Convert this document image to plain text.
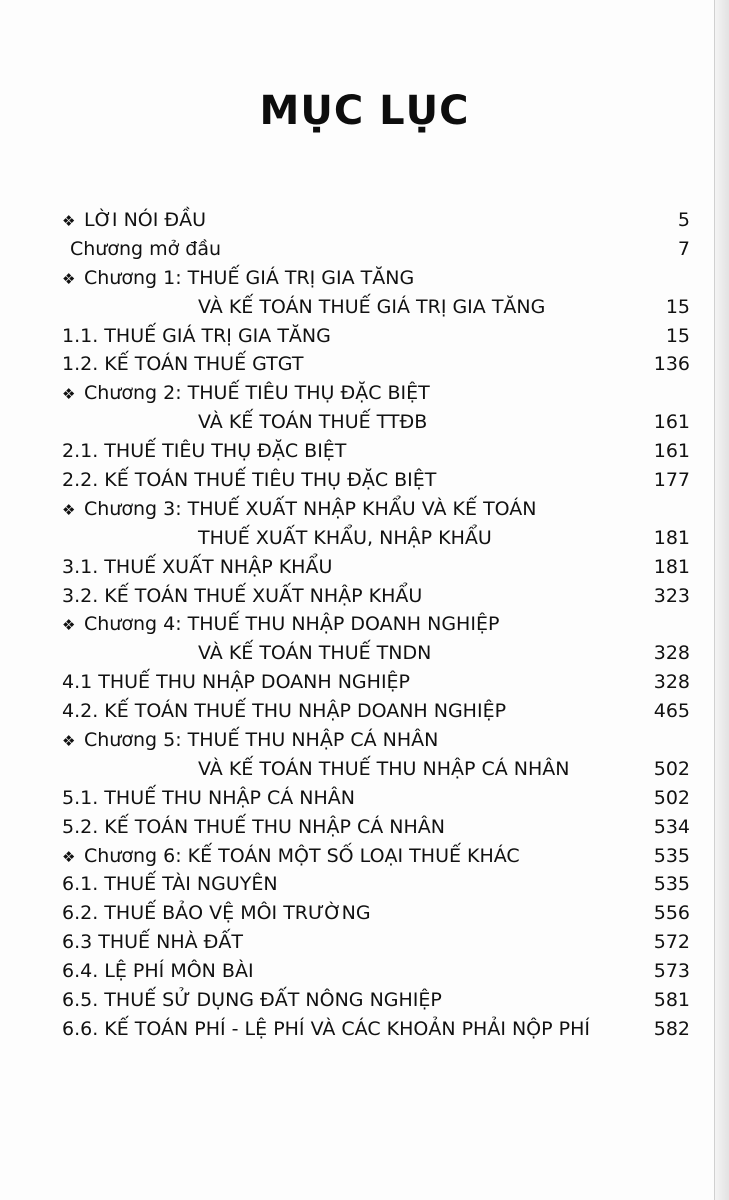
MỤC LỤC
❖ LỜI NÓI ĐẦU	5
Chương mở đầu	7
❖ Chương 1: THUẾ GIÁ TRỊ GIA TĂNG
VÀ KẾ TOÁN THUẾ GIÁ TRỊ GIA TĂNG	15
1.1. THUẾ GIÁ TRỊ GIA TĂNG	15
1.2. KẾ TOÁN THUẾ GTGT	136
❖ Chương 2: THUẾ TIÊU THỤ ĐẶC BIỆT
VÀ KẾ TOÁN THUẾ TTĐB	161
2.1. THUẾ TIÊU THỤ ĐẶC BIỆT	161
2.2. KẾ TOÁN THUẾ TIÊU THỤ ĐẶC BIỆT	177
❖ Chương 3: THUẾ XUẤT NHẬP KHẨU VÀ KẾ TOÁN
THUẾ XUẤT KHẨU, NHẬP KHẨU	181
3.1. THUẾ XUẤT NHẬP KHẨU	181
3.2. KẾ TOÁN THUẾ XUẤT NHẬP KHẨU	323
❖ Chương 4: THUẾ THU NHẬP DOANH NGHIỆP
VÀ KẾ TOÁN THUẾ TNDN	328
4.1 THUẾ THU NHẬP DOANH NGHIỆP	328
4.2. KẾ TOÁN THUẾ THU NHẬP DOANH NGHIỆP	465
❖ Chương 5: THUẾ THU NHẬP CÁ NHÂN
VÀ KẾ TOÁN THUẾ THU NHẬP CÁ NHÂN	502
5.1. THUẾ THU NHẬP CÁ NHÂN	502
5.2. KẾ TOÁN THUẾ THU NHẬP CÁ NHÂN	534
❖ Chương 6: KẾ TOÁN MỘT SỐ LOẠI THUẾ KHÁC	535
6.1. THUẾ TÀI NGUYÊN	535
6.2. THUẾ BẢO VỆ MÔI TRƯỜNG	556
6.3 THUẾ NHÀ ĐẤT	572
6.4. LỆ PHÍ MÔN BÀI	573
6.5. THUẾ SỬ DỤNG ĐẤT NÔNG NGHIỆP	581
6.6. KẾ TOÁN PHÍ - LỆ PHÍ VÀ CÁC KHOẢN PHẢI NỘP PHÍ	582
